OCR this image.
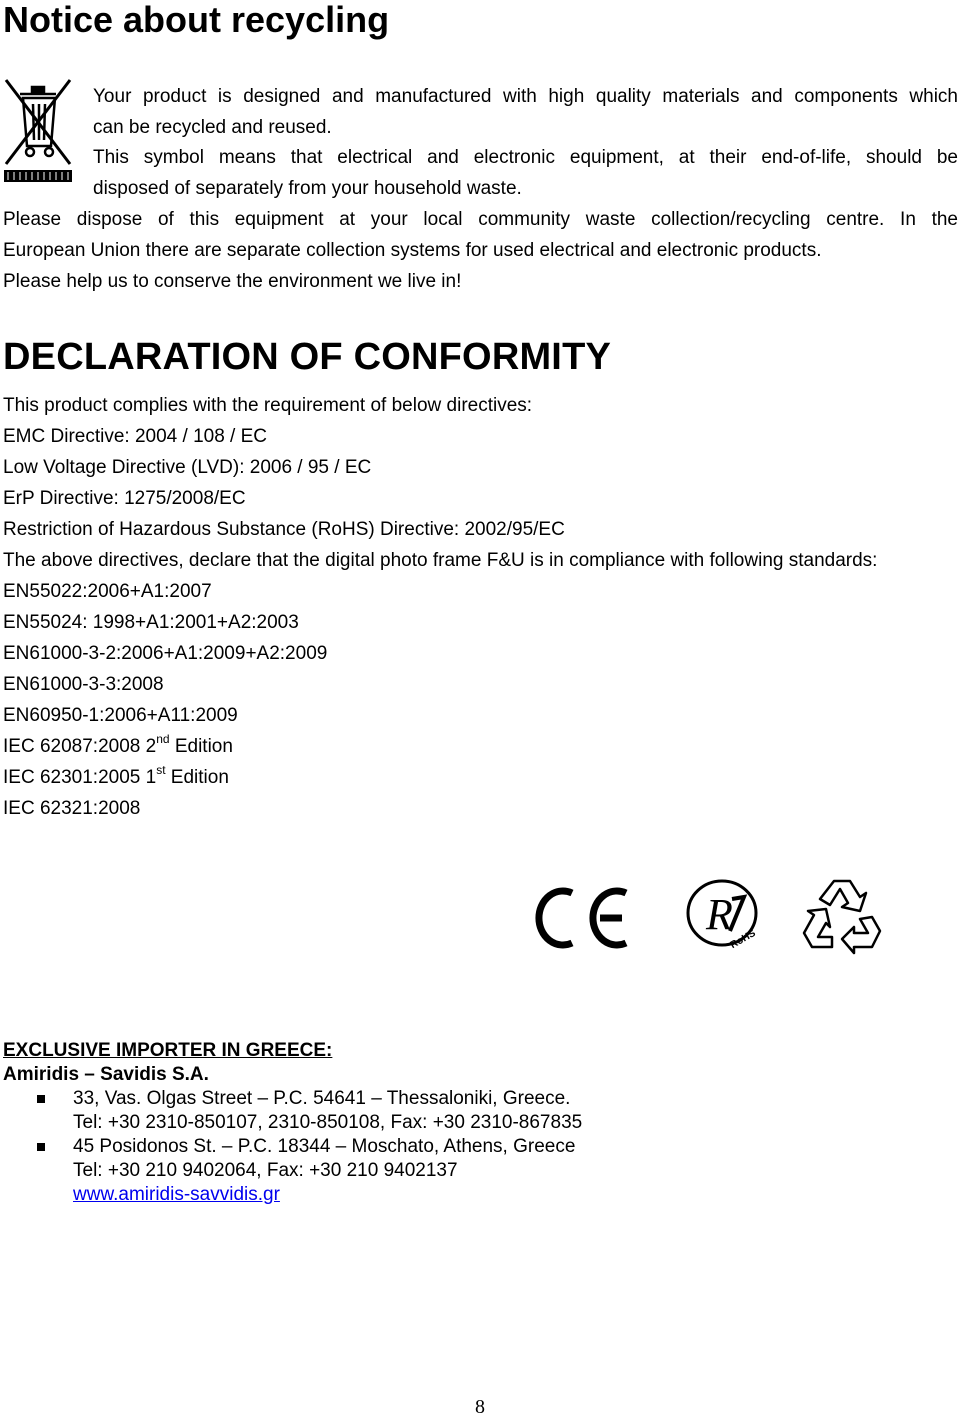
Notice about recycling
Your product is designed and manufactured with high quality materials and components which
can be recycled and reused.
This symbol means that electrical and electronic equipment, at their end-of-life, should be
disposed of separately from your household waste.
Please dispose of this equipment at your local community waste collection/recycling centre. In the
European Union there are separate collection systems for used electrical and electronic products.
Please help us to conserve the environment we live in!
DECLARATION OF CONFORMITY
This product complies with the requirement of below directives:
EMC Directive: 2004 / 108 / EC
Low Voltage Directive (LVD): 2006 / 95 / EC
ErP Directive: 1275/2008/EC
Restriction of Hazardous Substance (RoHS) Directive: 2002/95/EC
The above directives, declare that the digital photo frame F&U is in compliance with following standards:
EN55022:2006+A1:2007
EN55024: 1998+A1:2001+A2:2003
EN61000-3-2:2006+A1:2009+A2:2009
EN61000-3-3:2008
EN60950-1:2006+A11:2009
IEC 62087:2008 2nd Edition
IEC 62301:2005 1st Edition
IEC 62321:2008
R
RoHS
EXCLUSIVE IMPORTER IN GREECE:
Amiridis – Savidis S.A.
33, Vas. Olgas Street – P.C. 54641 – Thessaloniki, Greece.
Tel: +30 2310-850107, 2310-850108, Fax: +30 2310-867835
45 Posidonos St. – P.C. 18344 – Moschato, Athens, Greece
Tel: +30 210 9402064, Fax: +30 210 9402137
www.amiridis-savvidis.gr
8
